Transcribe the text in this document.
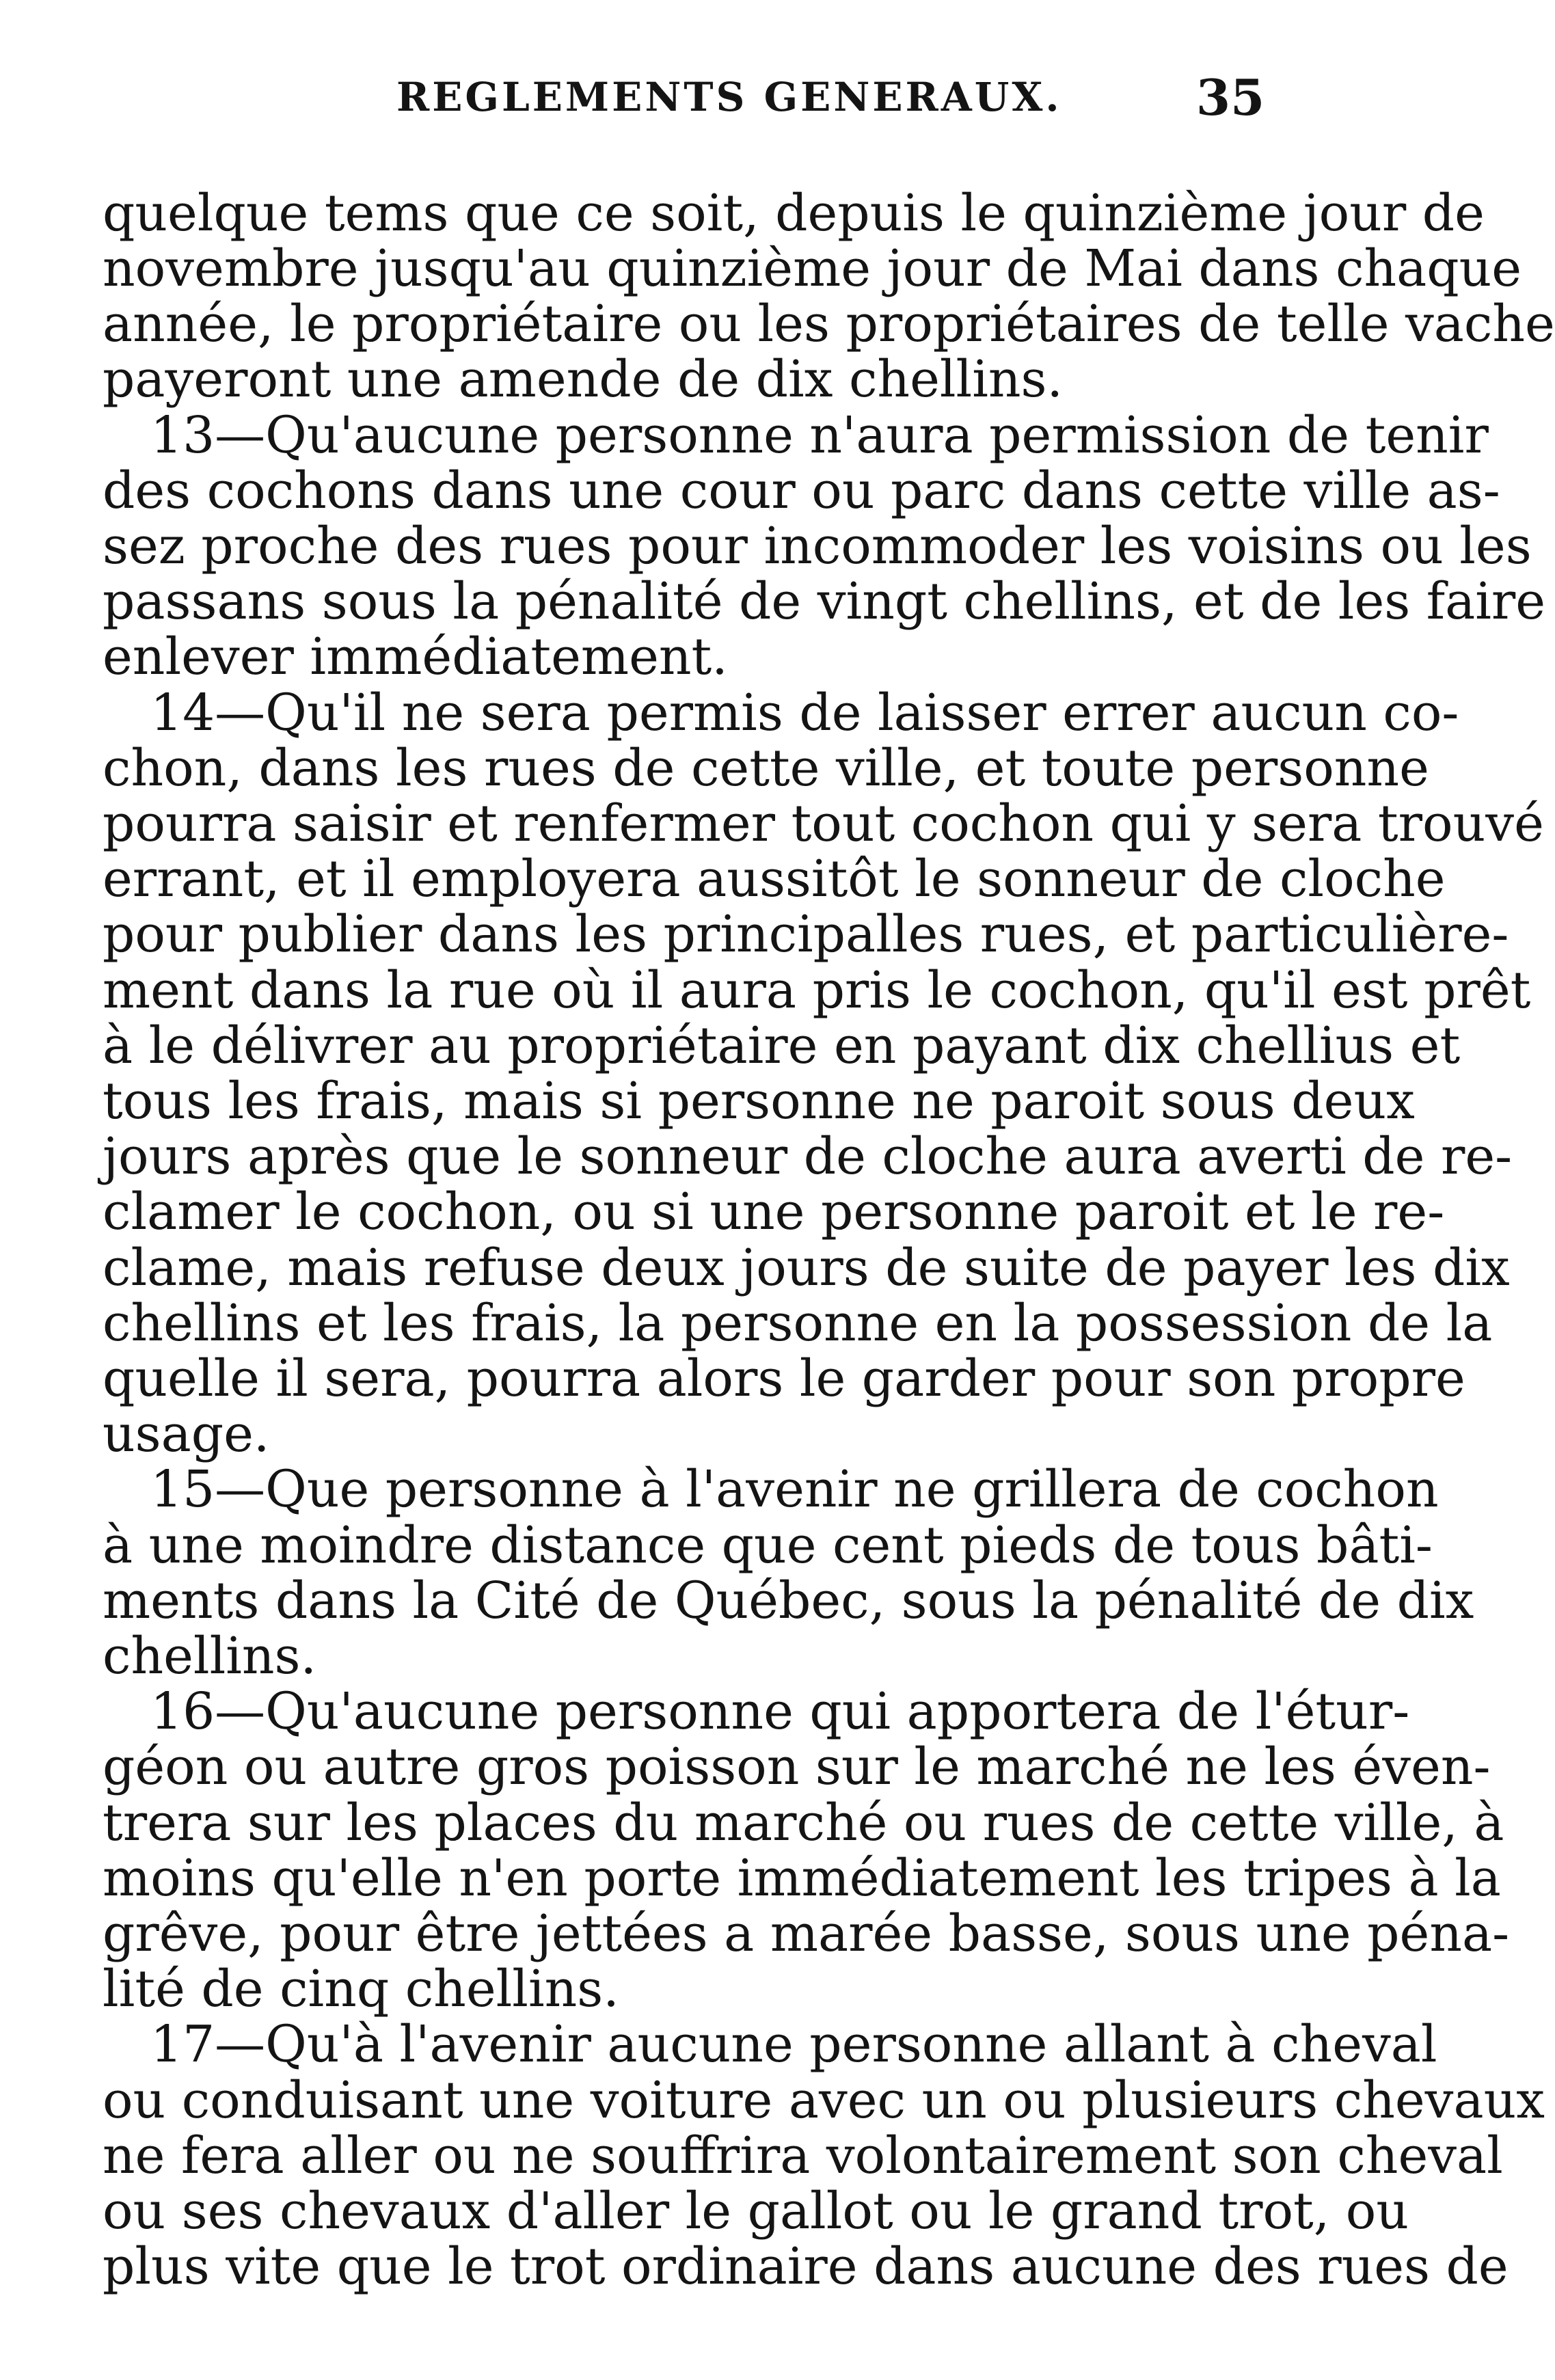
REGLEMENTS GENERAUX.	35
quelque tems que ce soit, depuis le quinzième jour de
novembre jusqu'au quinzième jour de Mai dans chaque
année, le propriétaire ou les propriétaires de telle vache
payeront une amende de dix chellins.
13—Qu'aucune personne n'aura permission de tenir
des cochons dans une cour ou parc dans cette ville as-
sez proche des rues pour incommoder les voisins ou les
passans sous la pénalité de vingt chellins, et de les faire
enlever immédiatement.
14—Qu'il ne sera permis de laisser errer aucun co-
chon, dans les rues de cette ville, et toute personne
pourra saisir et renfermer tout cochon qui y sera trouvé
errant, et il employera aussitôt le sonneur de cloche
pour publier dans les principalles rues, et particulière-
ment dans la rue où il aura pris le cochon, qu'il est prêt
à le délivrer au propriétaire en payant dix chellius et
tous les frais, mais si personne ne paroit sous deux
jours après que le sonneur de cloche aura averti de re-
clamer le cochon, ou si une personne paroit et le re-
clame, mais refuse deux jours de suite de payer les dix
chellins et les frais, la personne en la possession de la
quelle il sera, pourra alors le garder pour son propre
usage.
15—Que personne à l'avenir ne grillera de cochon
à une moindre distance que cent pieds de tous bâti-
ments dans la Cité de Québec, sous la pénalité de dix
chellins.
16—Qu'aucune personne qui apportera de l'étur-
géon ou autre gros poisson sur le marché ne les éven-
trera sur les places du marché ou rues de cette ville, à
moins qu'elle n'en porte immédiatement les tripes à la
grêve, pour être jettées a marée basse, sous une péna-
lité de cinq chellins.
17—Qu'à l'avenir aucune personne allant à cheval
ou conduisant une voiture avec un ou plusieurs chevaux
ne fera aller ou ne souffrira volontairement son cheval
ou ses chevaux d'aller le gallot ou le grand trot, ou
plus vite que le trot ordinaire dans aucune des rues de
